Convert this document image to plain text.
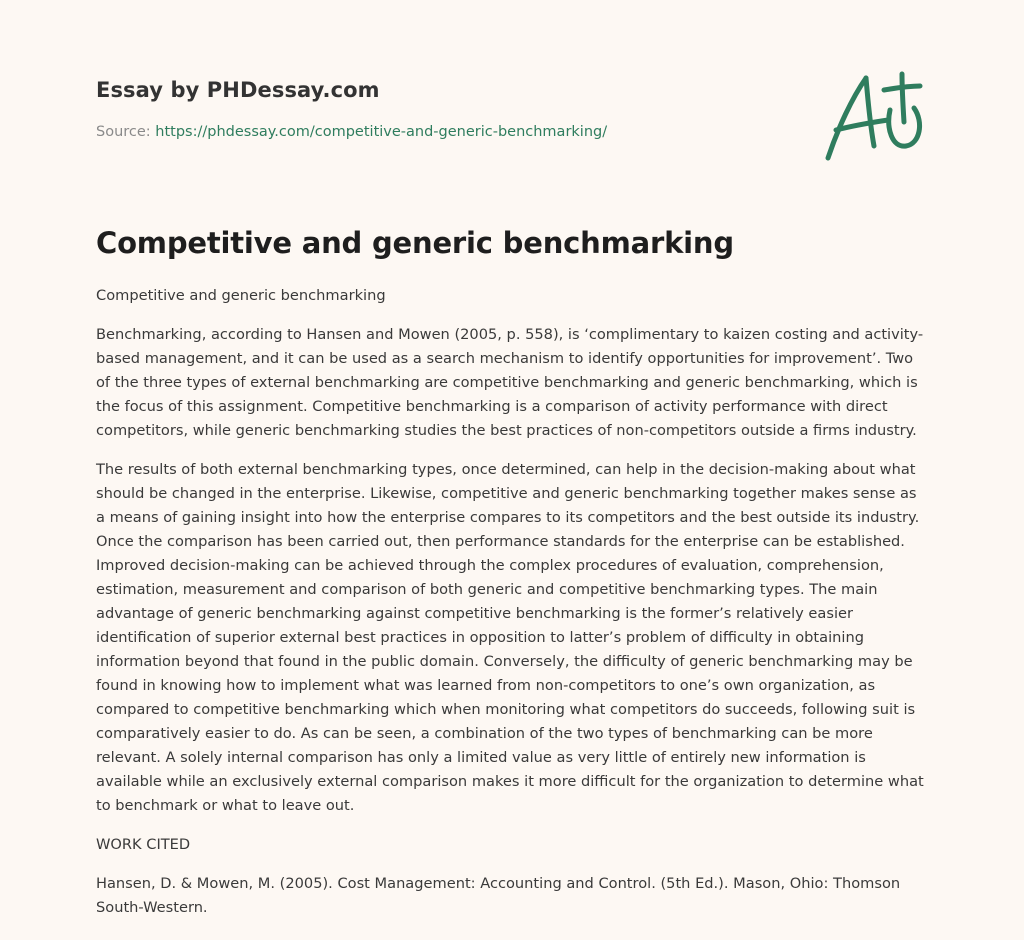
Essay by PHDessay.com
Source: https://phdessay.com/competitive-and-generic-benchmarking/
Competitive and generic benchmarking

Competitive and generic benchmarking

Benchmarking, according to Hansen and Mowen (2005, p. 558), is ‘complimentary to kaizen costing and activity-based management, and it can be used as a search mechanism to identify opportunities for improvement’. Two of the three types of external benchmarking are competitive benchmarking and generic benchmarking, which is the focus of this assignment. Competitive benchmarking is a comparison of activity performance with direct competitors, while generic benchmarking studies the best practices of non-competitors outside a firms industry.

The results of both external benchmarking types, once determined, can help in the decision-making about what should be changed in the enterprise. Likewise, competitive and generic benchmarking together makes sense as a means of gaining insight into how the enterprise compares to its competitors and the best outside its industry. Once the comparison has been carried out, then performance standards for the enterprise can be established. Improved decision-making can be achieved through the complex procedures of evaluation, comprehension, estimation, measurement and comparison of both generic and competitive benchmarking types. The main advantage of generic benchmarking against competitive benchmarking is the former’s relatively easier identification of superior external best practices in opposition to latter’s problem of difficulty in obtaining information beyond that found in the public domain. Conversely, the difficulty of generic benchmarking may be found in knowing how to implement what was learned from non-competitors to one’s own organization, as compared to competitive benchmarking which when monitoring what competitors do succeeds, following suit is comparatively easier to do. As can be seen, a combination of the two types of benchmarking can be more relevant. A solely internal comparison has only a limited value as very little of entirely new information is available while an exclusively external comparison makes it more difficult for the organization to determine what to benchmark or what to leave out.

WORK CITED

Hansen, D. & Mowen, M. (2005). Cost Management: Accounting and Control. (5th Ed.). Mason, Ohio: Thomson South-Western.
